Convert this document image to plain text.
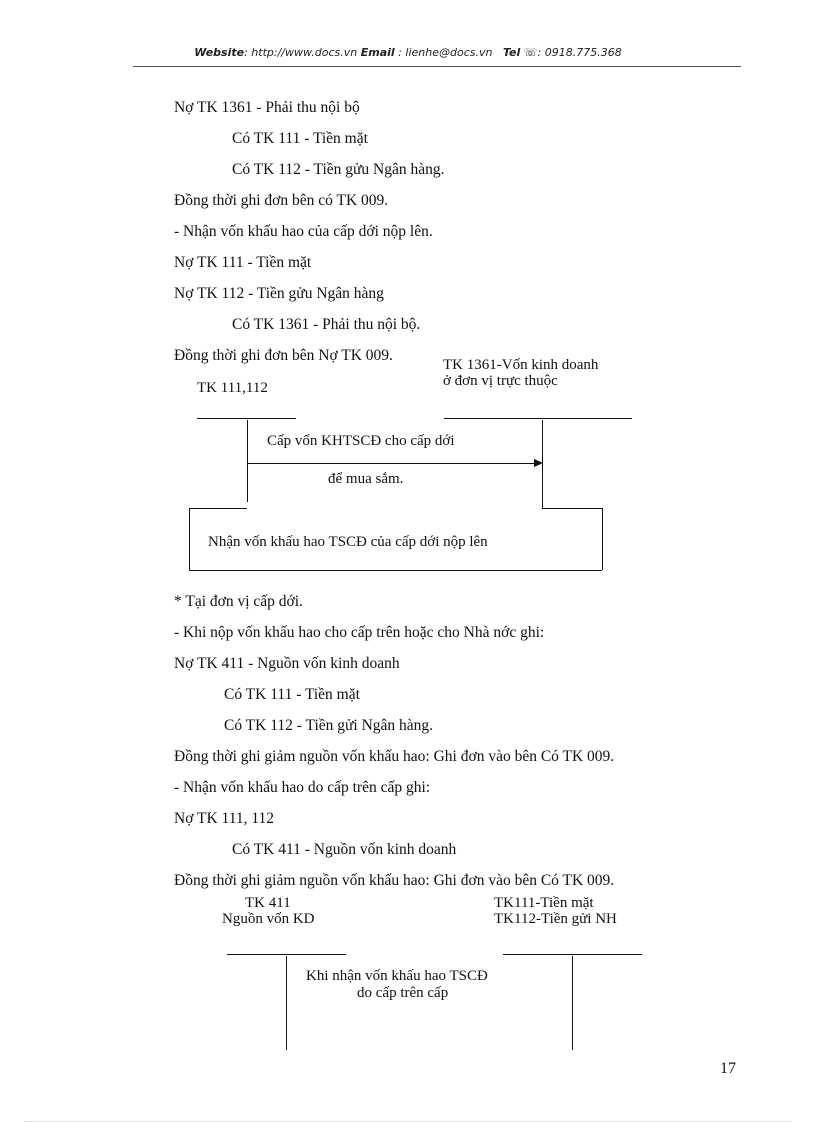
Website: http://www.docs.vn Email : lienhe@docs.vn Tel ☏: 0918.775.368
Nợ TK 1361 - Phải thu nội bộ
Có TK 111 - Tiền mặt
Có TK 112 - Tiền gửu Ngân hàng.
Đồng thời ghi đơn bên có TK 009.
- Nhận vốn khấu hao của cấp dới nộp lên.
Nợ TK 111 - Tiền mặt
Nợ TK 112 - Tiền gửu Ngân hàng
Có TK 1361 - Phải thu nội bộ.
Đồng thời ghi đơn bên Nợ TK 009.
TK 111,112
TK 1361-Vốn kinh doanh
ở đơn vị trực thuộc
Cấp vốn KHTSCĐ cho cấp dới
để mua sắm.
Nhận vốn khấu hao TSCĐ của cấp dới nộp lên
* Tại đơn vị cấp dới.
- Khi nộp vốn khấu hao cho cấp trên hoặc cho Nhà nớc ghi:
Nợ TK 411 - Nguồn vốn kinh doanh
Có TK 111 - Tiền mặt
Có TK 112 - Tiền gửi Ngân hàng.
Đồng thời ghi giảm nguồn vốn khấu hao: Ghi đơn vào bên Có TK 009.
- Nhận vốn khấu hao do cấp trên cấp ghi:
Nợ TK 111, 112
Có TK 411 - Nguồn vốn kinh doanh
Đồng thời ghi giảm nguồn vốn khấu hao: Ghi đơn vào bên Có TK 009.
TK 411
Nguồn vốn KD
TK111-Tiền mặt
TK112-Tiền gửi NH
Khi nhận vốn khấu hao TSCĐ
do cấp trên cấp
17
